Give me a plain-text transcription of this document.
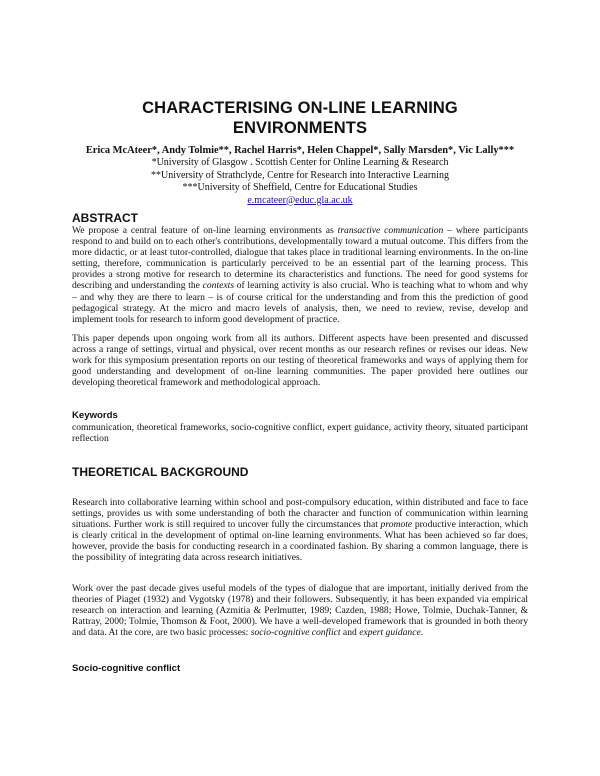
CHARACTERISING ON-LINE LEARNING
ENVIRONMENTS
Erica McAteer*, Andy Tolmie**, Rachel Harris*, Helen Chappel*, Sally Marsden*, Vic Lally***
*University of Glasgow . Scottish Center for Online Learning & Research
**University of Strathclyde, Centre for Research into Interactive Learning
***University of Sheffield, Centre for Educational Studies
e.mcateer@educ.gla.ac.uk
ABSTRACT
We propose a central feature of on-line learning environments as transactive communication – where participants respond to and build on to each other's contributions, developmentally toward a mutual outcome. This differs from the more didactic, or at least tutor-controlled, dialogue that takes place in traditional learning environments. In the on-line setting, therefore, communication is particularly perceived to be an essential part of the learning process. This provides a strong motive for research to determine its characteristics and functions. The need for good systems for describing and understanding the contexts of learning activity is also crucial. Who is teaching what to whom and why – and why they are there to learn – is of course critical for the understanding and from this the prediction of good pedagogical strategy. At the micro and macro levels of analysis, then, we need to review, revise, develop and implement tools for research to inform good development of practice.
This paper depends upon ongoing work from all its authors. Different aspects have been presented and discussed across a range of settings, virtual and physical, over recent months as our research refines or revises our ideas. New work for this symposium presentation reports on our testing of theoretical frameworks and ways of applying them for good understanding and development of on-line learning communities. The paper provided here outlines our developing theoretical framework and methodological approach.
Keywords
communication, theoretical frameworks, socio-cognitive conflict, expert guidance, activity theory, situated participant reflection
THEORETICAL BACKGROUND
Research into collaborative learning within school and post-compulsory education, within distributed and face to face settings, provides us with some understanding of both the character and function of communication within learning situations. Further work is still required to uncover fully the circumstances that promote productive interaction, which is clearly critical in the development of optimal on-line learning environments. What has been achieved so far does, however, provide the basis for conducting research in a coordinated fashion. By sharing a common language, there is the possibility of integrating data across research initiatives.
Work over the past decade gives useful models of the types of dialogue that are important, initially derived from the theories of Piaget (1932) and Vygotsky (1978) and their followers. Subsequently, it has been expanded via empirical research on interaction and learning (Azmitia & Perlmutter, 1989; Cazden, 1988; Howe, Tolmie, Duchak-Tanner, & Rattray, 2000; Tolmie, Thomson & Foot, 2000). We have a well-developed framework that is grounded in both theory and data. At the core, are two basic processes: socio-cognitive conflict and expert guidance.
Socio-cognitive conflict
